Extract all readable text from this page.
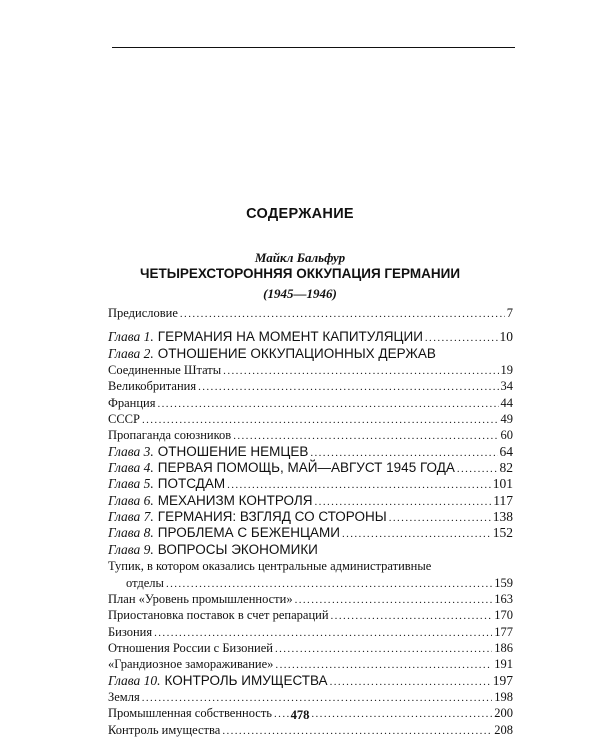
СОДЕРЖАНИЕ
Майкл Бальфур
ЧЕТЫРЕХСТОРОННЯЯ ОККУПАЦИЯ ГЕРМАНИИ
(1945—1946)
Предисловие .....	7
Глава 1. ГЕРМАНИЯ НА МОМЕНТ КАПИТУЛЯЦИИ .....	10
Глава 2. ОТНОШЕНИЕ ОККУПАЦИОННЫХ ДЕРЖАВ
Соединенные Штаты .....	19
Великобритания .....	34
Франция .....	44
СССР .....	49
Пропаганда союзников .....	60
Глава 3. ОТНОШЕНИЕ НЕМЦЕВ .....	64
Глава 4. ПЕРВАЯ ПОМОЩЬ, МАЙ—АВГУСТ 1945 ГОДА .....	82
Глава 5. ПОТСДАМ .....	101
Глава 6. МЕХАНИЗМ КОНТРОЛЯ .....	117
Глава 7. ГЕРМАНИЯ: ВЗГЛЯД СО СТОРОНЫ .....	138
Глава 8. ПРОБЛЕМА С БЕЖЕНЦАМИ .....	152
Глава 9. ВОПРОСЫ ЭКОНОМИКИ
Тупик, в котором оказались центральные административные
отделы .....	159
План «Уровень промышленности» .....	163
Приостановка поставок в счет репараций .....	170
Бизония .....	177
Отношения России с Бизонией .....	186
«Грандиозное замораживание» .....	191
Глава 10. КОНТРОЛЬ ИМУЩЕСТВА .....	197
Земля .....	198
Промышленная собственность .....	200
Контроль имущества .....	208
478
